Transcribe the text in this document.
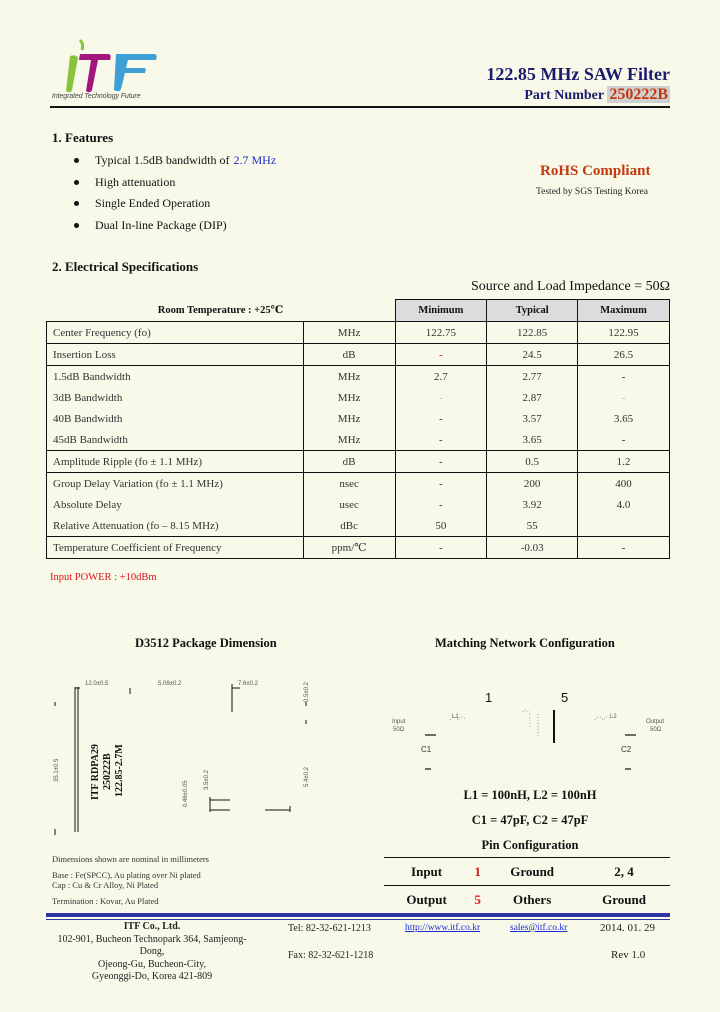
Integrated Technology Future
122.85 MHz SAW Filter
Part Number 250222B
1. Features
Typical 1.5dB bandwidth of 2.7 MHz
High attenuation
Single Ended Operation
Dual In-line Package (DIP)
RoHS Compliant
Tested by SGS Testing Korea
2. Electrical Specifications
Source and Load Impedance = 50Ω
Room Temperature : +25℃		Minimum	Typical	Maximum
Center Frequency (fo)	MHz	122.75	122.85	122.95
Insertion Loss	dB	-	24.5	26.5
1.5dB Bandwidth	MHz	2.7	2.77	-
3dB Bandwidth	MHz	-	2.87	-
40B Bandwidth	MHz	-	3.57	3.65
45dB Bandwidth	MHz	-	3.65	-
Amplitude Ripple (fo ± 1.1 MHz)	dB	-	0.5	1.2
Group Delay Variation (fo ± 1.1 MHz)	nsec	-	200	400
Absolute Delay	usec	-	3.92	4.0
Relative Attenuation (fo – 8.15 MHz)	dBc	50	55	
Temperature Coefficient of Frequency	ppm/℃	-	-0.03	-
Input POWER : +10dBm
D3512 Package Dimension
12.0±0.5	5.08±0.2	7.6±0.2	0.5±0.2
35.1±0.5	5.4±0.2
0.46±0.05
3.5±0.2
ITF RDPA29 250222B 122.85-2.7M
Dimensions shown are nominal in millimeters
Base : Fe(SPCC), Au plating over Ni plated
Cap : Cu & Cr Alloy, Ni Plated
Termination : Kovar, Au Plated
Matching Network Configuration
1	5
Input
50Ω
L1	L2
Output
50Ω
C1	C2
L1 = 100nH, L2 = 100nH
C1 = 47pF, C2 = 47pF
Pin Configuration
Input	1	Ground	2, 4
Output	5	Others	Ground
ITF Co., Ltd.
102-901, Bucheon Technopark 364, Samjeong-Dong,
Ojeong-Gu, Bucheon-City,
Gyeonggi-Do, Korea 421-809
Tel: 82-32-621-1213
Fax: 82-32-621-1218
http://www.itf.co.kr	sales@itf.co.kr	2014. 01. 29
Rev 1.0
